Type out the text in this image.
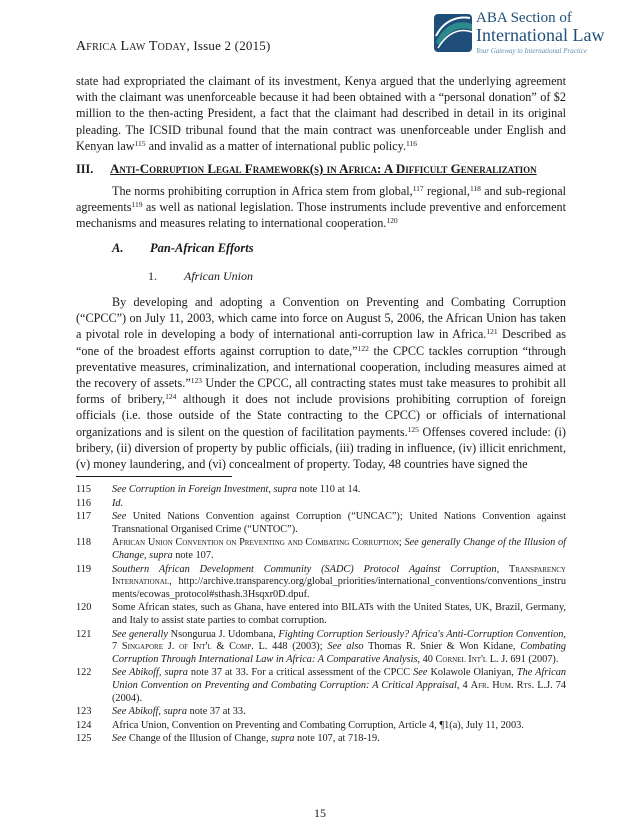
Africa Law Today, Issue 2 (2015)
ABA Section of
International Law
Your Gateway to International Practice

state had expropriated the claimant of its investment, Kenya argued that the underlying agreement with the claimant was unenforceable because it had been obtained with a “personal donation” of $2 million to the then-acting President, a fact that the claimant had described in detail in its original pleading. The ICSID tribunal found that the main contract was unenforceable under English and Kenyan law$^{115}$ and invalid as a matter of international public policy.$^{116}$

III. Anti-Corruption Legal Framework(s) in Africa: A Difficult Generalization

The norms prohibiting corruption in Africa stem from global,$^{117}$ regional,$^{118}$ and sub-regional agreements$^{119}$ as well as national legislation. Those instruments include preventive and enforcement mechanisms and measures relating to international cooperation.$^{120}$

A. Pan-African Efforts
1. African Union

By developing and adopting a Convention on Preventing and Combating Corruption (“CPCC”) on July 11, 2003, which came into force on August 5, 2006, the African Union has taken a pivotal role in developing a body of international anti-corruption law in Africa.$^{121}$ Described as “one of the broadest efforts against corruption to date,”$^{122}$ the CPCC tackles corruption “through preventative measures, criminalization, and international cooperation, including measures aimed at the recovery of assets.”$^{123}$ Under the CPCC, all contracting states must take measures to prohibit all forms of bribery,$^{124}$ although it does not include provisions prohibiting corruption of foreign officials (i.e. those outside of the State contracting to the CPCC) or officials of international organizations and is silent on the question of facilitation payments.$^{125}$ Offenses covered include: (i) bribery, (ii) diversion of property by public officials, (iii) trading in influence, (iv) illicit enrichment, (v) money laundering, and (vi) concealment of property. Today, 48 countries have signed the

115	See Corruption in Foreign Investment, supra note 110 at 14.
116	Id.
117	See United Nations Convention against Corruption (“UNCAC”); United Nations Convention against Transnational Organised Crime (“UNTOC”).
118	African Union Convention on Preventing and Combating Corruption; See generally Change of the Illusion of Change, supra note 107.
119	Southern African Development Community (SADC) Protocol Against Corruption, Transparency International, http://archive.transparency.org/global_priorities/international_conventions/conventions_instruments/ecowas_protocol#sthash.3Hsqxr0D.dpuf.
120	Some African states, such as Ghana, have entered into BILATs with the United States, UK, Brazil, Germany, and Italy to assist state parties to combat corruption.
121	See generally Nsongurua J. Udombana, Fighting Corruption Seriously? Africa's Anti-Corruption Convention, 7 Singapore J. of Int'l & Comp. L. 448 (2003); See also Thomas R. Snier & Won Kidane, Combating Corruption Through International Law in Africa: A Comparative Analysis, 40 Cornel Int'l L. J. 691 (2007).
122	See Abikoff, supra note 37 at 33. For a critical assessment of the CPCC See Kolawole Olaniyan, The African Union Convention on Preventing and Combating Corruption: A Critical Appraisal, 4 Afr. Hum. Rts. L.J. 74 (2004).
123	See Abikoff, supra note 37 at 33.
124	Africa Union, Convention on Preventing and Combating Corruption, Article 4, ¶1(a), July 11, 2003.
125	See Change of the Illusion of Change, supra note 107, at 718-19.
15
